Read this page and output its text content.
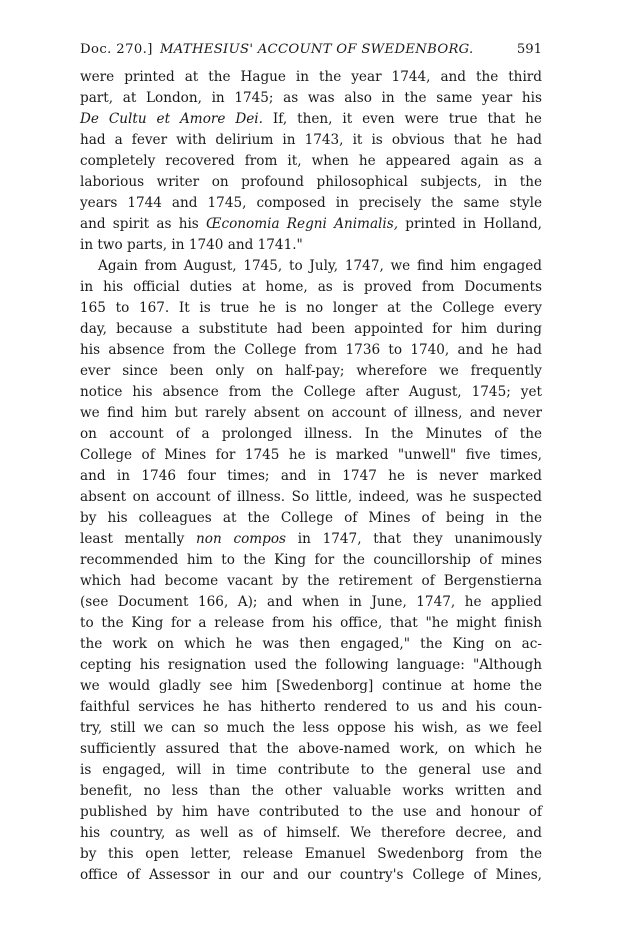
Doc. 270.] MATHESIUS' ACCOUNT OF SWEDENBORG.	591
were printed at the Hague in the year 1744, and the third
part, at London, in 1745; as was also in the same year his
De Cultu et Amore Dei. If, then, it even were true that he
had a fever with delirium in 1743, it is obvious that he had
completely recovered from it, when he appeared again as a
laborious writer on profound philosophical subjects, in the
years 1744 and 1745, composed in precisely the same style
and spirit as his Œconomia Regni Animalis, printed in Holland,
in two parts, in 1740 and 1741."
Again from August, 1745, to July, 1747, we find him engaged
in his official duties at home, as is proved from Documents
165 to 167. It is true he is no longer at the College every
day, because a substitute had been appointed for him during
his absence from the College from 1736 to 1740, and he had
ever since been only on half-pay; wherefore we frequently
notice his absence from the College after August, 1745; yet
we find him but rarely absent on account of illness, and never
on account of a prolonged illness. In the Minutes of the
College of Mines for 1745 he is marked "unwell" five times,
and in 1746 four times; and in 1747 he is never marked
absent on account of illness. So little, indeed, was he suspected
by his colleagues at the College of Mines of being in the
least mentally non compos in 1747, that they unanimously
recommended him to the King for the councillorship of mines
which had become vacant by the retirement of Bergenstierna
(see Document 166, A); and when in June, 1747, he applied
to the King for a release from his office, that "he might finish
the work on which he was then engaged," the King on ac-
cepting his resignation used the following language: "Although
we would gladly see him [Swedenborg] continue at home the
faithful services he has hitherto rendered to us and his coun-
try, still we can so much the less oppose his wish, as we feel
sufficiently assured that the above-named work, on which he
is engaged, will in time contribute to the general use and
benefit, no less than the other valuable works written and
published by him have contributed to the use and honour of
his country, as well as of himself. We therefore decree, and
by this open letter, release Emanuel Swedenborg from the
office of Assessor in our and our country's College of Mines,
